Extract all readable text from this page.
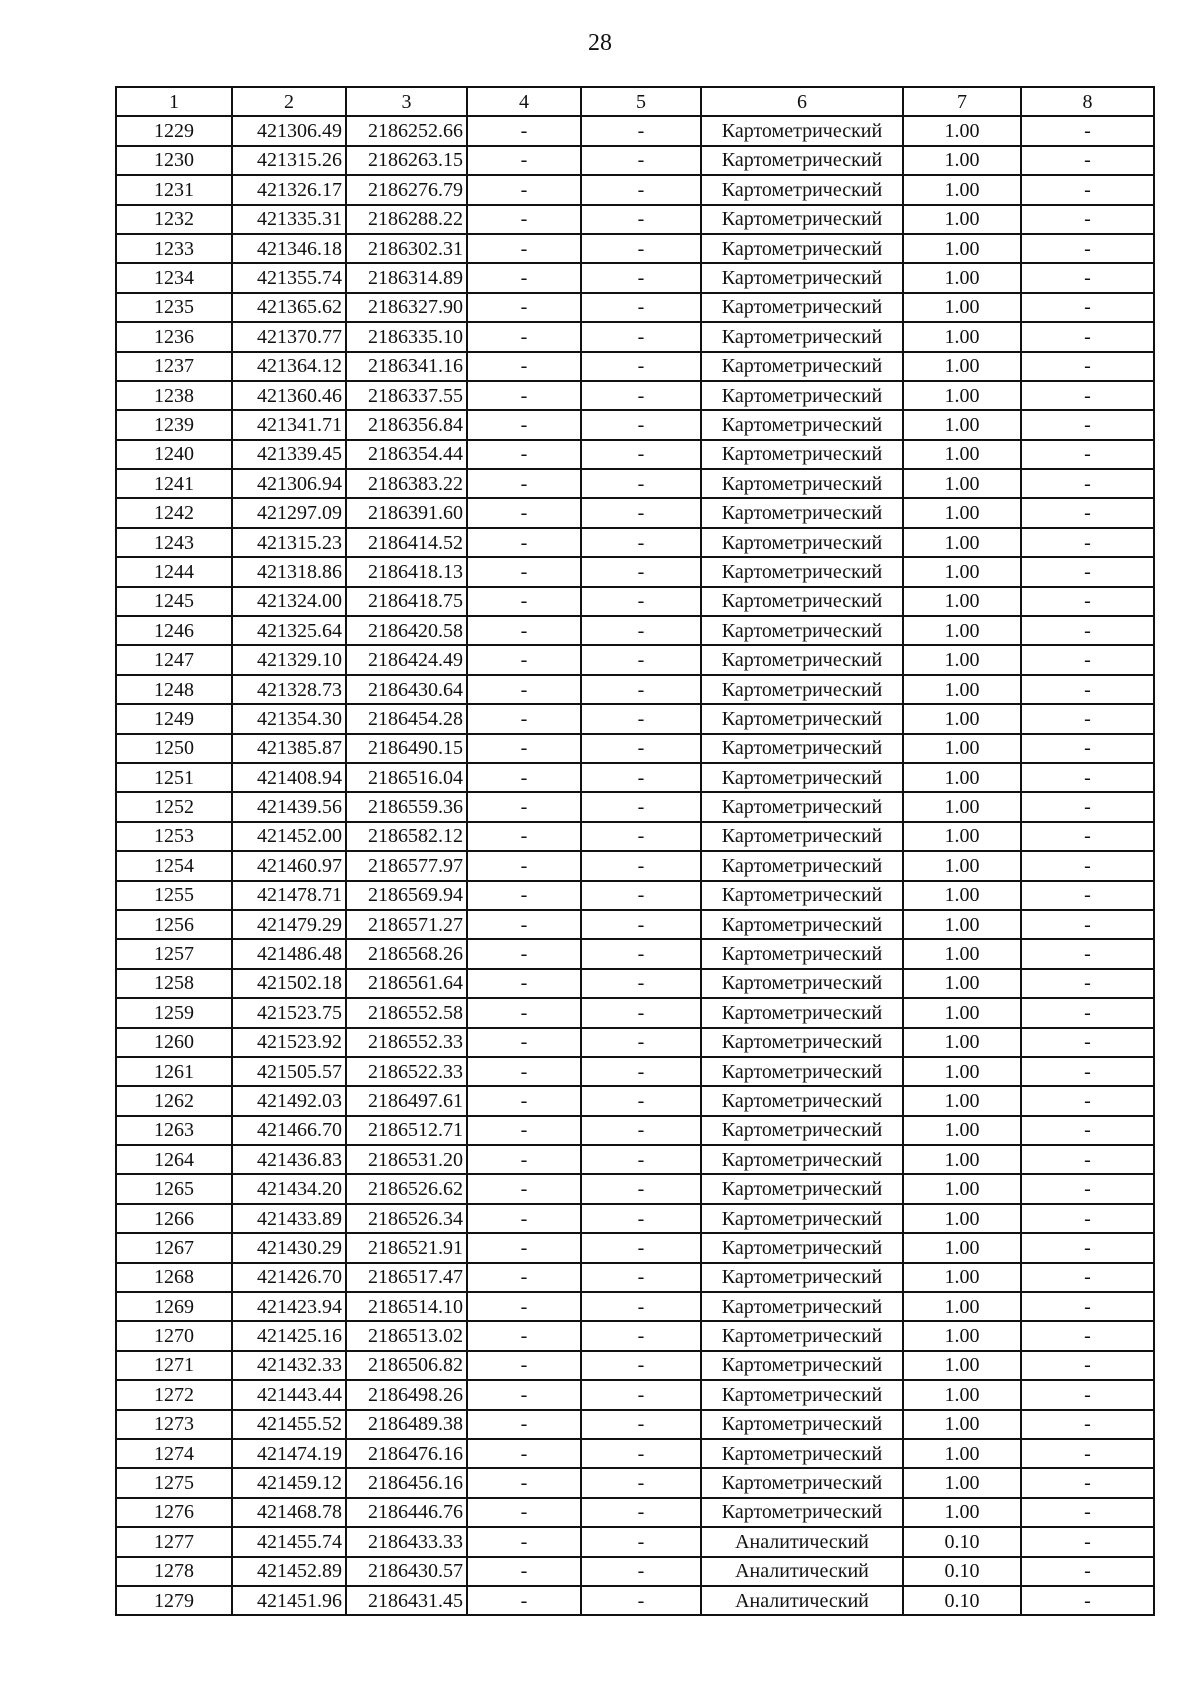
28
1	2	3	4	5	6	7	8
1229	421306.49	2186252.66	-	-	Картометрический	1.00	-
1230	421315.26	2186263.15	-	-	Картометрический	1.00	-
1231	421326.17	2186276.79	-	-	Картометрический	1.00	-
1232	421335.31	2186288.22	-	-	Картометрический	1.00	-
1233	421346.18	2186302.31	-	-	Картометрический	1.00	-
1234	421355.74	2186314.89	-	-	Картометрический	1.00	-
1235	421365.62	2186327.90	-	-	Картометрический	1.00	-
1236	421370.77	2186335.10	-	-	Картометрический	1.00	-
1237	421364.12	2186341.16	-	-	Картометрический	1.00	-
1238	421360.46	2186337.55	-	-	Картометрический	1.00	-
1239	421341.71	2186356.84	-	-	Картометрический	1.00	-
1240	421339.45	2186354.44	-	-	Картометрический	1.00	-
1241	421306.94	2186383.22	-	-	Картометрический	1.00	-
1242	421297.09	2186391.60	-	-	Картометрический	1.00	-
1243	421315.23	2186414.52	-	-	Картометрический	1.00	-
1244	421318.86	2186418.13	-	-	Картометрический	1.00	-
1245	421324.00	2186418.75	-	-	Картометрический	1.00	-
1246	421325.64	2186420.58	-	-	Картометрический	1.00	-
1247	421329.10	2186424.49	-	-	Картометрический	1.00	-
1248	421328.73	2186430.64	-	-	Картометрический	1.00	-
1249	421354.30	2186454.28	-	-	Картометрический	1.00	-
1250	421385.87	2186490.15	-	-	Картометрический	1.00	-
1251	421408.94	2186516.04	-	-	Картометрический	1.00	-
1252	421439.56	2186559.36	-	-	Картометрический	1.00	-
1253	421452.00	2186582.12	-	-	Картометрический	1.00	-
1254	421460.97	2186577.97	-	-	Картометрический	1.00	-
1255	421478.71	2186569.94	-	-	Картометрический	1.00	-
1256	421479.29	2186571.27	-	-	Картометрический	1.00	-
1257	421486.48	2186568.26	-	-	Картометрический	1.00	-
1258	421502.18	2186561.64	-	-	Картометрический	1.00	-
1259	421523.75	2186552.58	-	-	Картометрический	1.00	-
1260	421523.92	2186552.33	-	-	Картометрический	1.00	-
1261	421505.57	2186522.33	-	-	Картометрический	1.00	-
1262	421492.03	2186497.61	-	-	Картометрический	1.00	-
1263	421466.70	2186512.71	-	-	Картометрический	1.00	-
1264	421436.83	2186531.20	-	-	Картометрический	1.00	-
1265	421434.20	2186526.62	-	-	Картометрический	1.00	-
1266	421433.89	2186526.34	-	-	Картометрический	1.00	-
1267	421430.29	2186521.91	-	-	Картометрический	1.00	-
1268	421426.70	2186517.47	-	-	Картометрический	1.00	-
1269	421423.94	2186514.10	-	-	Картометрический	1.00	-
1270	421425.16	2186513.02	-	-	Картометрический	1.00	-
1271	421432.33	2186506.82	-	-	Картометрический	1.00	-
1272	421443.44	2186498.26	-	-	Картометрический	1.00	-
1273	421455.52	2186489.38	-	-	Картометрический	1.00	-
1274	421474.19	2186476.16	-	-	Картометрический	1.00	-
1275	421459.12	2186456.16	-	-	Картометрический	1.00	-
1276	421468.78	2186446.76	-	-	Картометрический	1.00	-
1277	421455.74	2186433.33	-	-	Аналитический	0.10	-
1278	421452.89	2186430.57	-	-	Аналитический	0.10	-
1279	421451.96	2186431.45	-	-	Аналитический	0.10	-
